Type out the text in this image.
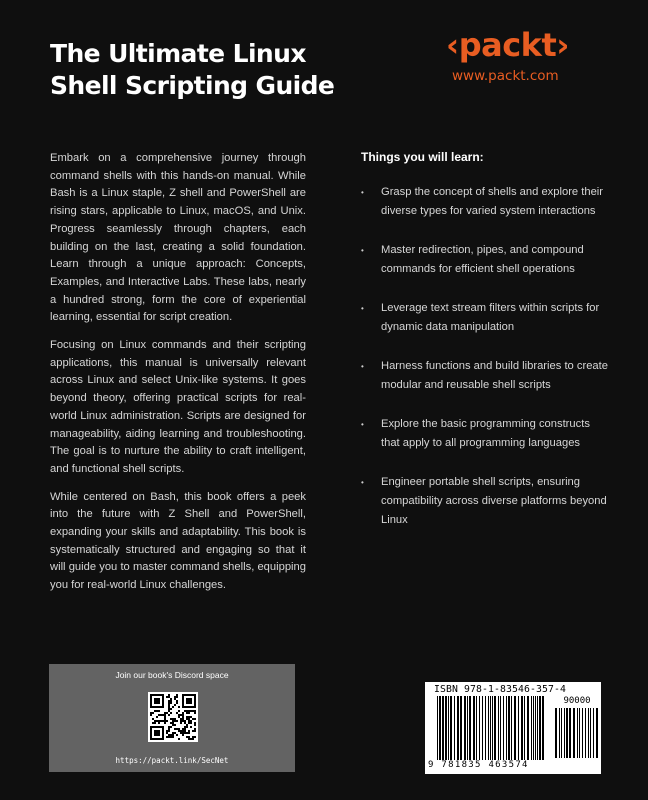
The Ultimate Linux
Shell Scripting Guide
‹packt›
www.packt.com

Embark on a comprehensive journey through command shells with this hands-on manual. While Bash is a Linux staple, Z shell and PowerShell are rising stars, applicable to Linux, macOS, and Unix. Progress seamlessly through chapters, each building on the last, creating a solid foundation. Learn through a unique approach: Concepts, Examples, and Interactive Labs. These labs, nearly a hundred strong, form the core of experiential learning, essential for script creation.

Focusing on Linux commands and their scripting applications, this manual is universally relevant across Linux and select Unix-like systems. It goes beyond theory, offering practical scripts for real-world Linux administration. Scripts are designed for manageability, aiding learning and troubleshooting. The goal is to nurture the ability to craft intelligent, and functional shell scripts.

While centered on Bash, this book offers a peek into the future with Z Shell and PowerShell, expanding your skills and adaptability. This book is systematically structured and engaging so that it will guide you to master command shells, equipping you for real-world Linux challenges.

Things you will learn:
• Grasp the concept of shells and explore their diverse types for varied system interactions
• Master redirection, pipes, and compound commands for efficient shell operations
• Leverage text stream filters within scripts for dynamic data manipulation
• Harness functions and build libraries to create modular and reusable shell scripts
• Explore the basic programming constructs that apply to all programming languages
• Engineer portable shell scripts, ensuring compatibility across diverse platforms beyond Linux
Join our book's Discord space
https://packt.link/SecNet
ISBN 978-1-83546-357-4
90000
9 781835 463574
